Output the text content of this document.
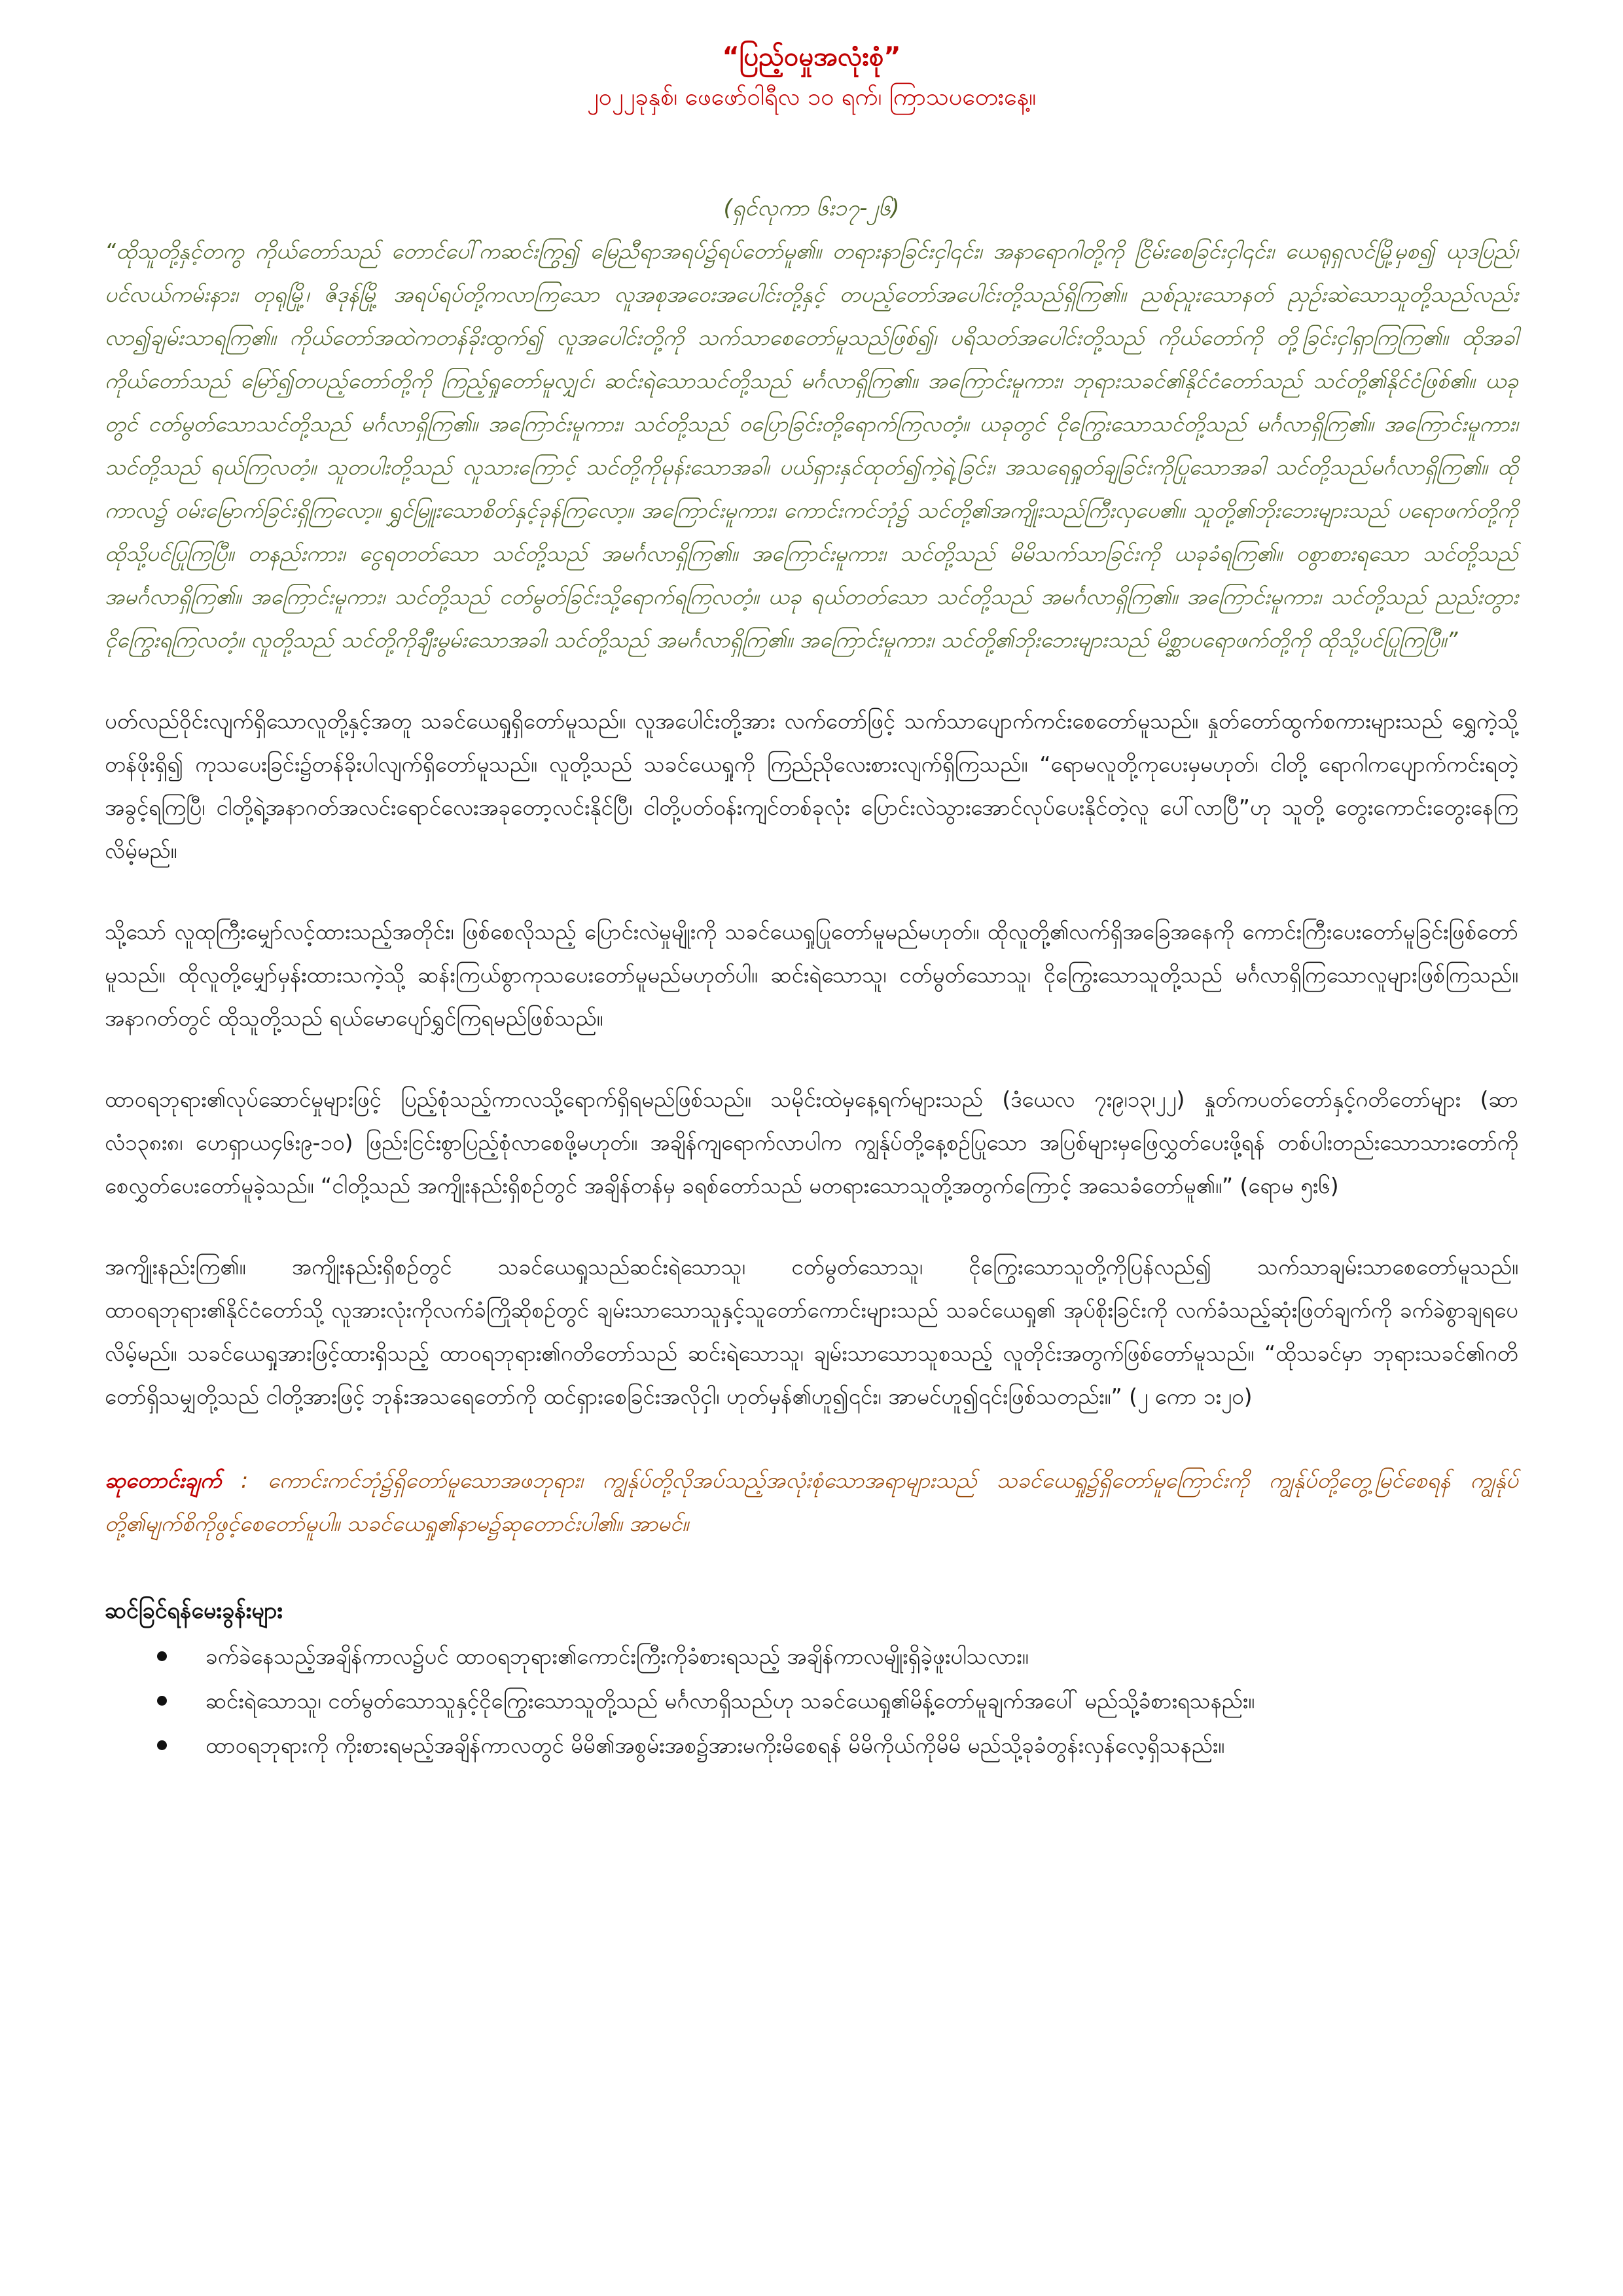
“ပြည့်ဝမှုအလုံးစုံ”

၂၀၂၂ခုနှစ်၊ ဖေဖော်ဝါရီလ ၁၀ ရက်၊ ကြာသပတေးနေ့။

(ရှင်လုကာ ၆း၁၇-၂၆)

“ထိုသူတို့နှင့်တကွ ကိုယ်တော်သည် တောင်ပေါ်ကဆင်းကြွ၍ မြေညီရာအရပ်၌ရပ်တော်မူ၏။ တရားနာခြင်းငှါ၎င်း၊ အနာရောဂါတို့ကို ငြိမ်းစေခြင်းငှါ၎င်း၊ ယေရုရှလင်မြို့မှစ၍ ယုဒပြည်၊ ပင်လယ်ကမ်းနား၊ တုရုမြို့၊ ဇိဒုန်မြို့ အရပ်ရပ်တို့ကလာကြသော လူအစုအဝေးအပေါင်းတို့နှင့် တပည့်တော်အပေါင်းတို့သည်ရှိကြ၏။ ညစ်ညူးသောနတ် ညှဉ်းဆဲသောသူတို့သည်လည်း လာ၍ချမ်းသာရကြ၏။ ကိုယ်တော်အထဲကတန်ခိုးထွက်၍ လူအပေါင်းတို့ကို သက်သာစေတော်မူသည်ဖြစ်၍၊ ပရိသတ်အပေါင်းတို့သည် ကိုယ်တော်ကို တို့ခြင်းငှါရှာကြကြ၏။ ထိုအခါ ကိုယ်တော်သည် မြော်၍တပည့်တော်တို့ကို ကြည့်ရှုတော်မူလျှင်၊ ဆင်းရဲသောသင်တို့သည် မင်္ဂလာရှိကြ၏။ အကြောင်းမူကား၊ ဘုရားသခင်၏နိုင်ငံတော်သည် သင်တို့၏နိုင်ငံဖြစ်၏။ ယခုတွင် ငတ်မွတ်သောသင်တို့သည် မင်္ဂလာရှိကြ၏။ အကြောင်းမူကား၊ သင်တို့သည် ဝပြောခြင်းတို့ရောက်ကြလတံ့။ ယခုတွင် ငိုကြွေးသောသင်တို့သည် မင်္ဂလာရှိကြ၏။ အကြောင်းမူကား၊ သင်တို့သည် ရယ်ကြလတံ့။ သူတပါးတို့သည် လူသားကြောင့် သင်တို့ကိုမုန်းသောအခါ၊ ပယ်ရှားနှင်ထုတ်၍ကဲ့ရဲ့ခြင်း၊ အသရေရှုတ်ချခြင်းကိုပြုသောအခါ သင်တို့သည်မင်္ဂလာရှိကြ၏။ ထိုကာလ၌ ဝမ်းမြောက်ခြင်းရှိကြလော့။ ရွှင်မြူးသောစိတ်နှင့်ခုန်ကြလော့။ အကြောင်းမူကား၊ ကောင်းကင်ဘုံ၌ သင်တို့၏အကျိုးသည်ကြီးလှပေ၏။ သူတို့၏ဘိုးဘေးများသည် ပရောဖက်တို့ကို ထိုသို့ပင်ပြုကြပြီ။ တနည်းကား၊ ငွေရတတ်သော သင်တို့သည် အမင်္ဂလာရှိကြ၏။ အကြောင်းမူကား၊ သင်တို့သည် မိမိသက်သာခြင်းကို ယခုခံရကြ၏။ ဝစွာစားရသော သင်တို့သည် အမင်္ဂလာရှိကြ၏။ အကြောင်းမူကား၊ သင်တို့သည် ငတ်မွတ်ခြင်းသို့ရောက်ရကြလတံ့။ ယခု ရယ်တတ်သော သင်တို့သည် အမင်္ဂလာရှိကြ၏။ အကြောင်းမူကား၊ သင်တို့သည် ညည်းတွားငိုကြွေးရကြလတံ့။ လူတို့သည် သင်တို့ကိုချီးမွမ်းသောအခါ၊ သင်တို့သည် အမင်္ဂလာရှိကြ၏။ အကြောင်းမူကား၊ သင်တို့၏ဘိုးဘေးများသည် မိစ္ဆာပရောဖက်တို့ကို ထိုသို့ပင်ပြုကြပြီ။”

ပတ်လည်ဝိုင်းလျက်ရှိသောလူတို့နှင့်အတူ သခင်ယေရှုရှိတော်မူသည်။ လူအပေါင်းတို့အား လက်တော်ဖြင့် သက်သာပျောက်ကင်းစေတော်မူသည်။ နှုတ်တော်ထွက်စကားများသည် ရွှေကဲ့သို့တန်ဖိုးရှိ၍ ကုသပေးခြင်း၌တန်ခိုးပါလျက်ရှိတော်မူသည်။ လူတို့သည် သခင်ယေရှုကို ကြည်ညိုလေးစားလျက်ရှိကြသည်။ “ရောမလူတို့ကုပေးမှမဟုတ်၊ ငါတို့ ရောဂါကပျောက်ကင်းရတဲ့အခွင့်ရကြပြီ၊ ငါတို့ရဲ့အနာဂတ်အလင်းရောင်လေးအခုတော့လင်းနိုင်ပြီ၊ ငါတို့ပတ်ဝန်းကျင်တစ်ခုလုံး ပြောင်းလဲသွားအောင်လုပ်ပေးနိုင်တဲ့လူ ပေါ်လာပြီ”ဟု သူတို့ တွေးကောင်းတွေးနေကြလိမ့်မည်။

သို့သော် လူထုကြီးမျှော်လင့်ထားသည့်အတိုင်း၊ ဖြစ်စေလိုသည့် ပြောင်းလဲမှုမျိုးကို သခင်ယေရှုပြုတော်မူမည်မဟုတ်။ ထိုလူတို့၏လက်ရှိအခြေအနေကို ကောင်းကြီးပေးတော်မူခြင်းဖြစ်တော်မူသည်။ ထိုလူတို့မျှော်မှန်းထားသကဲ့သို့ ဆန်းကြယ်စွာကုသပေးတော်မူမည်မဟုတ်ပါ။ ဆင်းရဲသောသူ၊ ငတ်မွတ်သောသူ၊ ငိုကြွေးသောသူတို့သည် မင်္ဂလာရှိကြသောလူများဖြစ်ကြသည်။ အနာဂတ်တွင် ထိုသူတို့သည် ရယ်မောပျော်ရွှင်ကြရမည်ဖြစ်သည်။

ထာဝရဘုရား၏လုပ်ဆောင်မှုများဖြင့် ပြည့်စုံသည့်ကာလသို့ရောက်ရှိရမည်ဖြစ်သည်။ သမိုင်းထဲမှနေ့ရက်များသည် (ဒံယေလ ၇း၉၊၁၃၊၂၂) နှုတ်ကပတ်တော်နှင့်ဂတိတော်များ (ဆာလံ၁၃၈း၈၊ ဟေရှာယ၄၆း၉-၁၀) ဖြည်းငြင်းစွာပြည့်စုံလာစေဖို့မဟုတ်။ အချိန်ကျရောက်လာပါက ကျွန်ုပ်တို့နေ့စဉ်ပြုသော အပြစ်များမှဖြေလွှတ်ပေးဖို့ရန် တစ်ပါးတည်းသောသားတော်ကို စေလွှတ်ပေးတော်မူခဲ့သည်။ “ငါတို့သည် အကျိုးနည်းရှိစဉ်တွင် အချိန်တန်မှ ခရစ်တော်သည် မတရားသောသူတို့အတွက်ကြောင့် အသေခံတော်မူ၏။” (ရောမ ၅း၆)

အကျိုးနည်းကြ၏။ အကျိုးနည်းရှိစဉ်တွင် သခင်ယေရှုသည်ဆင်းရဲသောသူ၊ ငတ်မွတ်သောသူ၊ ငိုကြွေးသောသူတို့ကိုပြန်လည်၍ သက်သာချမ်းသာစေတော်မူသည်။ ထာဝရဘုရား၏နိုင်ငံတော်သို့ လူအားလုံးကိုလက်ခံကြိုဆိုစဉ်တွင် ချမ်းသာသောသူနှင့်သူတော်ကောင်းများသည် သခင်ယေရှု၏ အုပ်စိုးခြင်းကို လက်ခံသည့်ဆုံးဖြတ်ချက်ကို ခက်ခဲစွာချရပေလိမ့်မည်။ သခင်ယေရှုအားဖြင့်ထားရှိသည့် ထာဝရဘုရား၏ဂတိတော်သည် ဆင်းရဲသောသူ၊ ချမ်းသာသောသူစသည့် လူတိုင်းအတွက်ဖြစ်တော်မူသည်။ “ထိုသခင်မှာ ဘုရားသခင်၏ဂတိတော်ရှိသမျှတို့သည် ငါတို့အားဖြင့် ဘုန်းအသရေတော်ကို ထင်ရှားစေခြင်းအလိုငှါ၊ ဟုတ်မှန်၏ဟူ၍၎င်း၊ အာမင်ဟူ၍၎င်းဖြစ်သတည်း။” (၂ ကော ၁း၂၀)

ဆုတောင်းချက် : ကောင်းကင်ဘုံ၌ရှိတော်မူသောအဖဘုရား၊ ကျွန်ုပ်တို့လိုအပ်သည့်အလုံးစုံသောအရာများသည် သခင်ယေရှု၌ရှိတော်မူကြောင်းကို ကျွန်ုပ်တို့တွေ့မြင်စေရန် ကျွန်ုပ်တို့၏မျက်စိကိုဖွင့်စေတော်မူပါ။ သခင်ယေရှု၏နာမ၌ဆုတောင်းပါ၏။ အာမင်။

ဆင်ခြင်ရန်မေးခွန်းများ
ခက်ခဲနေသည့်အချိန်ကာလ၌ပင် ထာဝရဘုရား၏ကောင်းကြီးကိုခံစားရသည့် အချိန်ကာလမျိုးရှိခဲ့ဖူးပါသလား။
ဆင်းရဲသောသူ၊ ငတ်မွတ်သောသူနှင့်ငိုကြွေးသောသူတို့သည် မင်္ဂလာရှိသည်ဟု သခင်ယေရှု၏မိန့်တော်မူချက်အပေါ် မည်သို့ခံစားရသနည်း။
ထာဝရဘုရားကို ကိုးစားရမည့်အချိန်ကာလတွင် မိမိ၏အစွမ်းအစ၌အားမကိုးမိစေရန် မိမိကိုယ်ကိုမိမိ မည်သို့ခုခံတွန်းလှန်လေ့ရှိသနည်း။
